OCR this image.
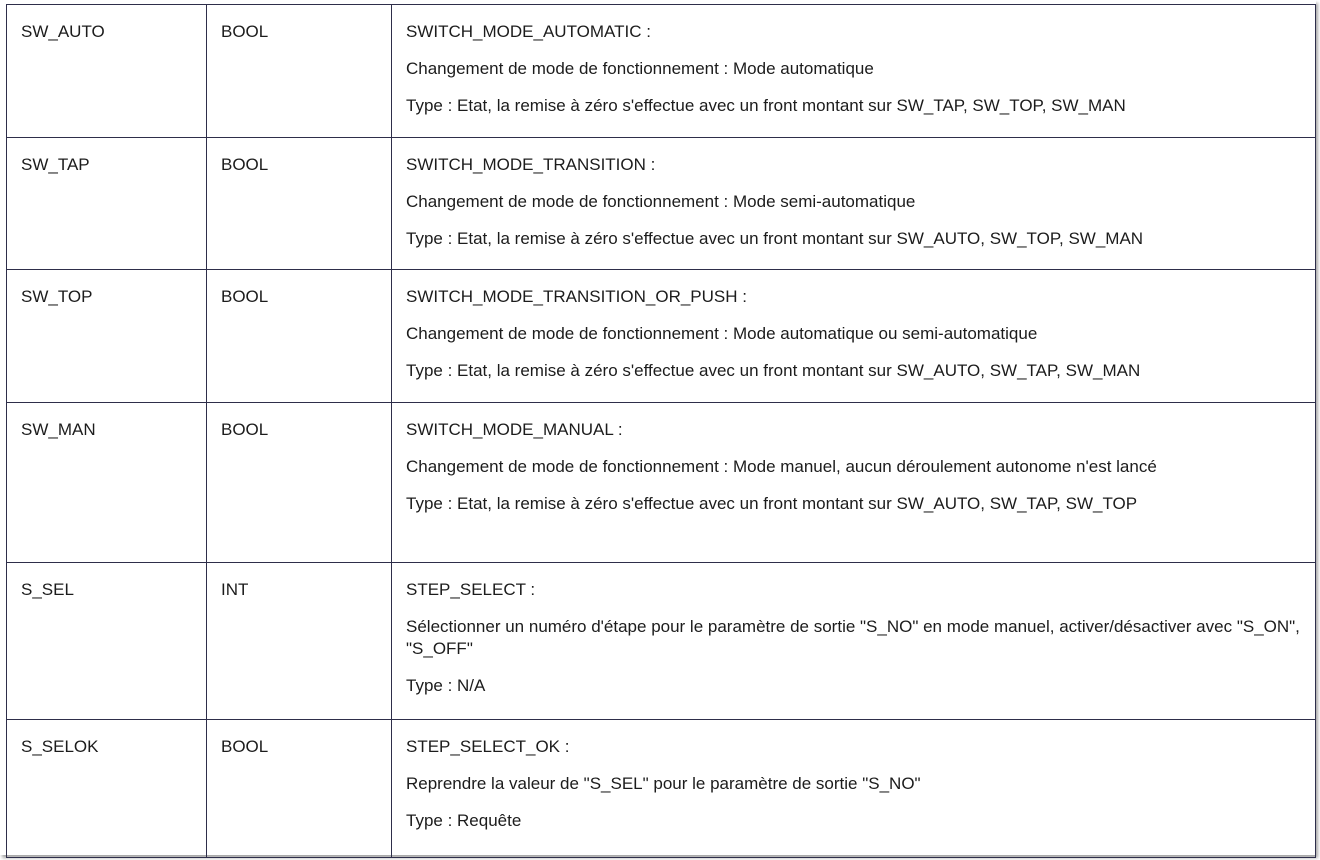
SW_AUTO	BOOL	SWITCH_MODE_AUTOMATIC :
Changement de mode de fonctionnement : Mode automatique
Type : Etat, la remise à zéro s'effectue avec un front montant sur SW_TAP, SW_TOP, SW_MAN

SW_TAP	BOOL	SWITCH_MODE_TRANSITION :
Changement de mode de fonctionnement : Mode semi-automatique
Type : Etat, la remise à zéro s'effectue avec un front montant sur SW_AUTO, SW_TOP, SW_MAN

SW_TOP	BOOL	SWITCH_MODE_TRANSITION_OR_PUSH :
Changement de mode de fonctionnement : Mode automatique ou semi-automatique
Type : Etat, la remise à zéro s'effectue avec un front montant sur SW_AUTO, SW_TAP, SW_MAN

SW_MAN	BOOL	SWITCH_MODE_MANUAL :
Changement de mode de fonctionnement : Mode manuel, aucun déroulement autonome n'est lancé
Type : Etat, la remise à zéro s'effectue avec un front montant sur SW_AUTO, SW_TAP, SW_TOP

S_SEL	INT	STEP_SELECT :
Sélectionner un numéro d'étape pour le paramètre de sortie "S_NO" en mode manuel, activer/désactiver avec "S_ON", "S_OFF"
Type : N/A

S_SELOK	BOOL	STEP_SELECT_OK :
Reprendre la valeur de "S_SEL" pour le paramètre de sortie "S_NO"
Type : Requête
